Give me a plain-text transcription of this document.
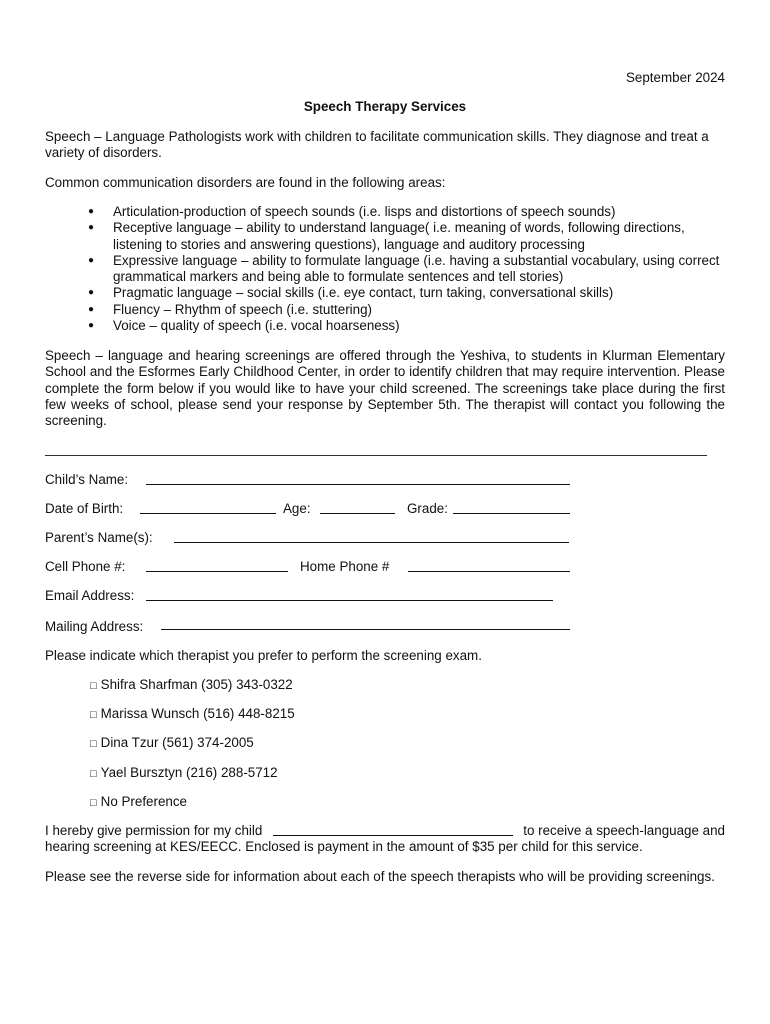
September 2024
Speech Therapy Services
Speech – Language Pathologists work with children to facilitate communication skills. They diagnose and treat a variety of disorders.
Common communication disorders are found in the following areas:
● Articulation-production of speech sounds (i.e. lisps and distortions of speech sounds)
● Receptive language – ability to understand language( i.e. meaning of words, following directions, listening to stories and answering questions), language and auditory processing
● Expressive language – ability to formulate language (i.e. having a substantial vocabulary, using correct grammatical markers and being able to formulate sentences and tell stories)
● Pragmatic language – social skills (i.e. eye contact, turn taking, conversational skills)
● Fluency – Rhythm of speech (i.e. stuttering)
● Voice – quality of speech (i.e. vocal hoarseness)
Speech – language and hearing screenings are offered through the Yeshiva, to students in Klurman Elementary School and the Esformes Early Childhood Center, in order to identify children that may require intervention. Please complete the form below if you would like to have your child screened. The screenings take place during the first few weeks of school, please send your response by September 5th. The therapist will contact you following the screening.
Child’s Name:
Date of Birth:	Age:	Grade:
Parent’s Name(s):
Cell Phone #:	Home Phone #
Email Address:
Mailing Address:
Please indicate which therapist you prefer to perform the screening exam.
□ Shifra Sharfman (305) 343-0322
□ Marissa Wunsch (516) 448-8215
□ Dina Tzur (561) 374-2005
□ Yael Bursztyn (216) 288-5712
□ No Preference
I hereby give permission for my child	to receive a speech-language and
hearing screening at KES/EECC. Enclosed is payment in the amount of $35 per child for this service.
Please see the reverse side for information about each of the speech therapists who will be providing screenings.
